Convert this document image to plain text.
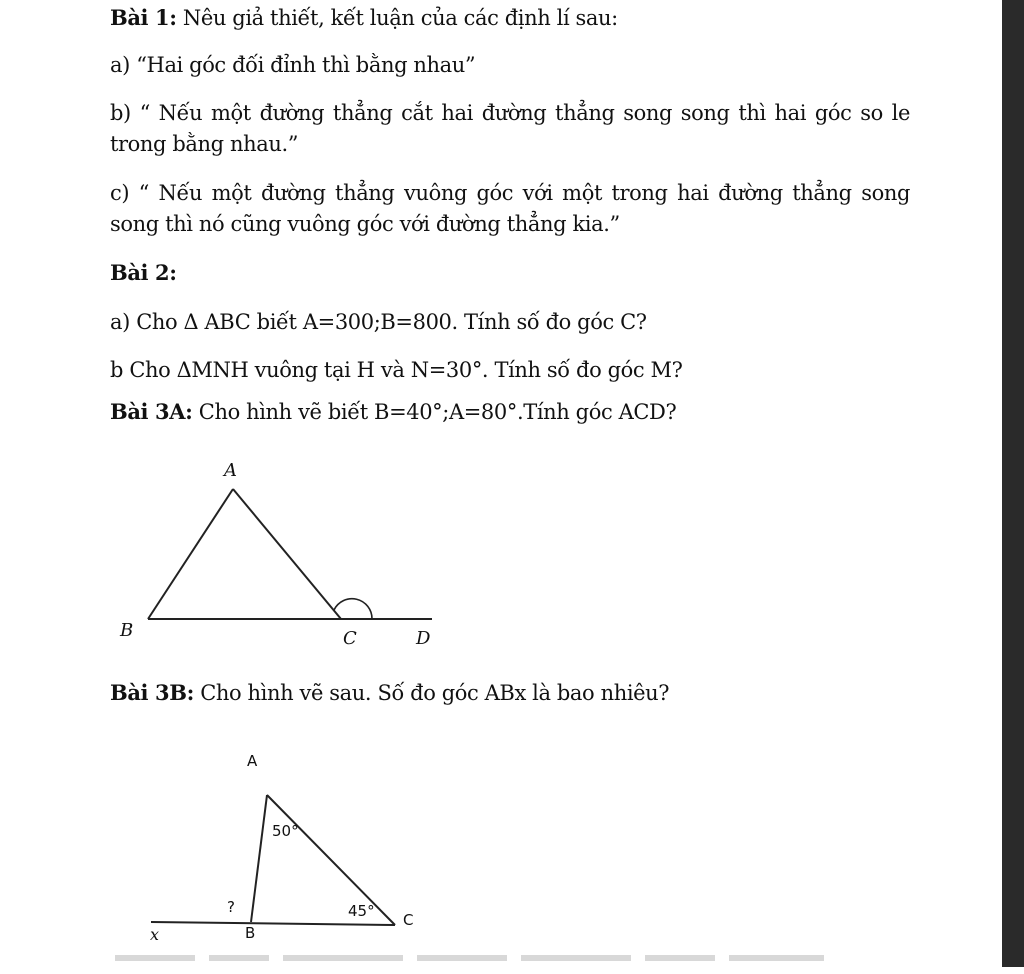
Bài 1: Nêu giả thiết, kết luận của các định lí sau:
a) “Hai góc đối đỉnh thì bằng nhau”
b) “ Nếu một đường thẳng cắt hai đường thẳng song song thì hai góc so le trong bằng nhau.”
c) “ Nếu một đường thẳng vuông góc với một trong hai đường thẳng song song thì nó cũng vuông góc với đường thẳng kia.”
Bài 2:
a) Cho Δ ABC biết A=300;B=800. Tính số đo góc C?
b Cho ΔMNH vuông tại H và N=30°. Tính số đo góc M?
Bài 3A: Cho hình vẽ biết B=40°;A=80°.Tính góc ACD?
A
B	C	D
A
B
C
x
50°
45°
?
Bài 3B: Cho hình vẽ sau. Số đo góc ABx là bao nhiêu?
